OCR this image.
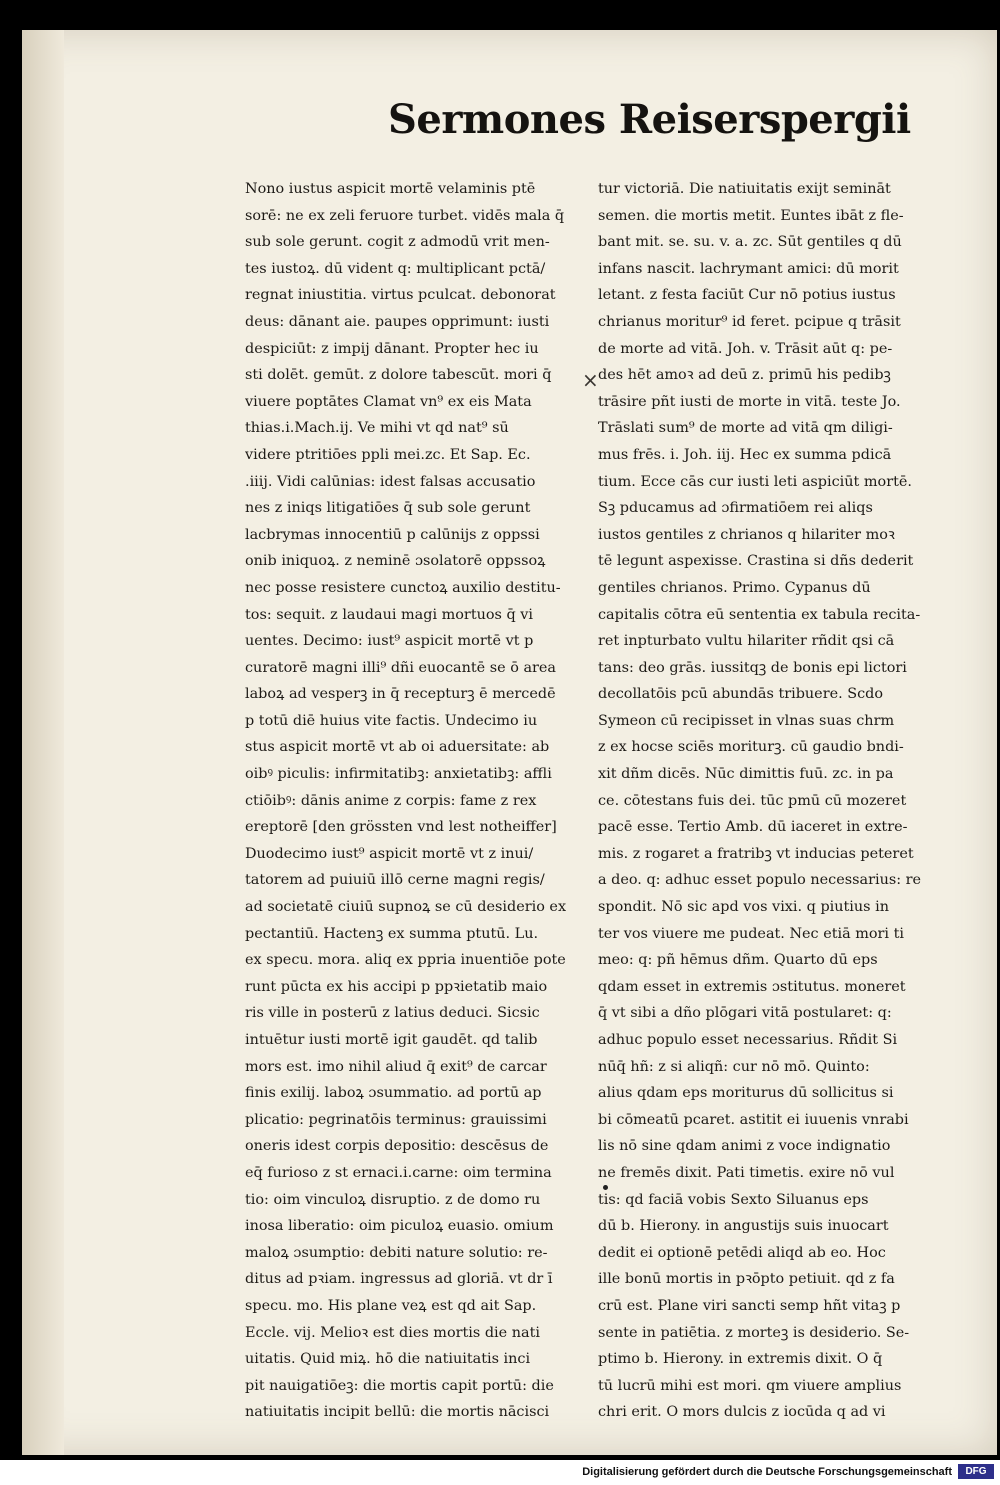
Sermones Reiserspergii
Nono iustus aspicit mortē velaminis ptē
sorē: ne ex zeli feruore turbet. vidēs mala q̄
sub sole gerunt. cogit z admodū vrit men-
tes iustoꝝ. dū vident q: multiplicant pctā/
regnat iniustitia. virtus pculcat. debonorat
deus: dānant aie. paupes opprimunt: iusti
despiciūt: z impij dānant. Propter hec iu
sti dolēt. gemūt. z dolore tabescūt. mori q̄
viuere poptātes Clamat vn⁹ ex eis Mata
thias.i.Mach.ij. Ve mihi vt qd nat⁹ sū
videre ptritiōes ppli mei.zc. Et Sap. Ec.
.iiij. Vidi calūnias: idest falsas accusatio
nes z iniqs litigatiōes q̄ sub sole gerunt
lacbrymas innocentiū p calūnijs z oppssi
onib iniquoꝝ. z neminē ɔsolatorē oppssoꝝ
nec posse resistere cunctoꝝ auxilio destitu-
tos: sequit. z laudaui magi mortuos q̄ vi
uentes. Decimo: iust⁹ aspicit mortē vt p
curatorē magni illi⁹ dñi euocantē se ō area
laboꝝ ad vesperꝫ in q̄ recepturꝫ ē mercedē
p totū diē huius vite factis. Undecimo iu
stus aspicit mortē vt ab oi aduersitate: ab
oibꝰ piculis: infirmitatibꝫ: anxietatibꝫ: affli
ctiōibꝰ: dānis anime z corpis: fame z rex
ereptorē [den grössten vnd lest notheiffer]
Duodecimo iust⁹ aspicit mortē vt z inui/
tatorem ad puiuiū illō cerne magni regis/
ad societatē ciuiū supnoꝝ se cū desiderio ex
pectantiū. Hactenꝫ ex summa ptutū. Lu.
ex specu. mora. aliq ex ppria inuentiōe pote
runt pūcta ex his accipi p ppꝛietatib maio
ris ville in posterū z latius deduci. Sicsic
intuētur iusti mortē igit gaudēt. qd talib
mors est. imo nihil aliud q̄ exit⁹ de carcar
finis exilij. laboꝝ ɔsummatio. ad portū ap
plicatio: pegrinatōis terminus: grauissimi
oneris idest corpis depositio: descēsus de
eq̄ furioso z st ernaci.i.carne: oim termina
tio: oim vinculoꝝ disruptio. z de domo ru
inosa liberatio: oim piculoꝝ euasio. omium
maloꝝ ɔsumptio: debiti nature solutio: re-
ditus ad pꝛiam. ingressus ad gloriā. vt dr ī
specu. mo. His plane veꝝ est qd ait Sap.
Eccle. vij. Melioꝛ est dies mortis die nati
uitatis. Quid miꝝ. hō die natiuitatis inci
pit nauigatiōeꝫ: die mortis capit portū: die
natiuitatis incipit bellū: die mortis nācisci
×
tur victoriā. Die natiuitatis exijt semināt
semen. die mortis metit. Euntes ibāt z fle-
bant mit. se. su. v. a. zc. Sūt gentiles q dū
infans nascit. lachrymant amici: dū morit
letant. z festa faciūt Cur nō potius iustus
chrianus moritur⁹ id feret. pcipue q trāsit
de morte ad vitā. Joh. v. Trāsit aūt q: pe-
des hēt amoꝛ ad deū z. primū his pedibꝫ
trāsire pñt iusti de morte in vitā. teste Jo.
Trāslati sum⁹ de morte ad vitā qm diligi-
mus frēs. i. Joh. iij. Hec ex summa pdicā
tium. Ecce cās cur iusti leti aspiciūt mortē.
Sꝫ pducamus ad ɔfirmatiōem rei aliqs
iustos gentiles z chrianos q hilariter moꝛ
tē legunt aspexisse. Crastina si dñs dederit
gentiles chrianos. Primo. Cypanus dū
capitalis cōtra eū sententia ex tabula recita-
ret inpturbato vultu hilariter rñdit qsi cā
tans: deo grās. iussitqꝫ de bonis epi lictori
decollatōis pcū abundās tribuere. Scdo
Symeon cū recipisset in vlnas suas chrm
z ex hocse sciēs moriturꝫ. cū gaudio bndi-
xit dñm dicēs. Nūc dimittis fuū. zc. in pa
ce. cōtestans fuis dei. tūc pmū cū mozeret
pacē esse. Tertio Amb. dū iaceret in extre-
mis. z rogaret a fratribꝫ vt inducias peteret
a deo. q: adhuc esset populo necessarius: re
spondit. Nō sic apd vos vixi. q piutius in
ter vos viuere me pudeat. Nec etiā mori ti
meo: q: pñ hēmus dñm. Quarto dū eps
qdam esset in extremis ɔstitutus. moneret
q̄ vt sibi a dño plōgari vitā postularet: q:
adhuc populo esset necessarius. Rñdit Si
nūq̄ hñ: z si aliqñ: cur nō mō. Quinto:
alius qdam eps moriturus dū sollicitus si
bi cōmeatū pcaret. astitit ei iuuenis vnrabi
lis nō sine qdam animi z voce indignatio
ne fremēs dixit. Pati timetis. exire nō vul
tis: qd faciā vobis Sexto Siluanus eps
dū b. Hierony. in angustijs suis inuocart
dedit ei optionē petēdi aliqd ab eo. Hoc
ille bonū mortis in pꝛōpto petiuit. qd z fa
crū est. Plane viri sancti semp hñt vitaꝫ p
sente in patiētia. z morteꝫ is desiderio. Se-
ptimo b. Hierony. in extremis dixit. O q̄
tū lucrū mihi est mori. qm viuere amplius
chri erit. O mors dulcis z iocūda q ad vi
Digitalisierung gefördert durch die Deutsche Forschungsgemeinschaft	DFG
